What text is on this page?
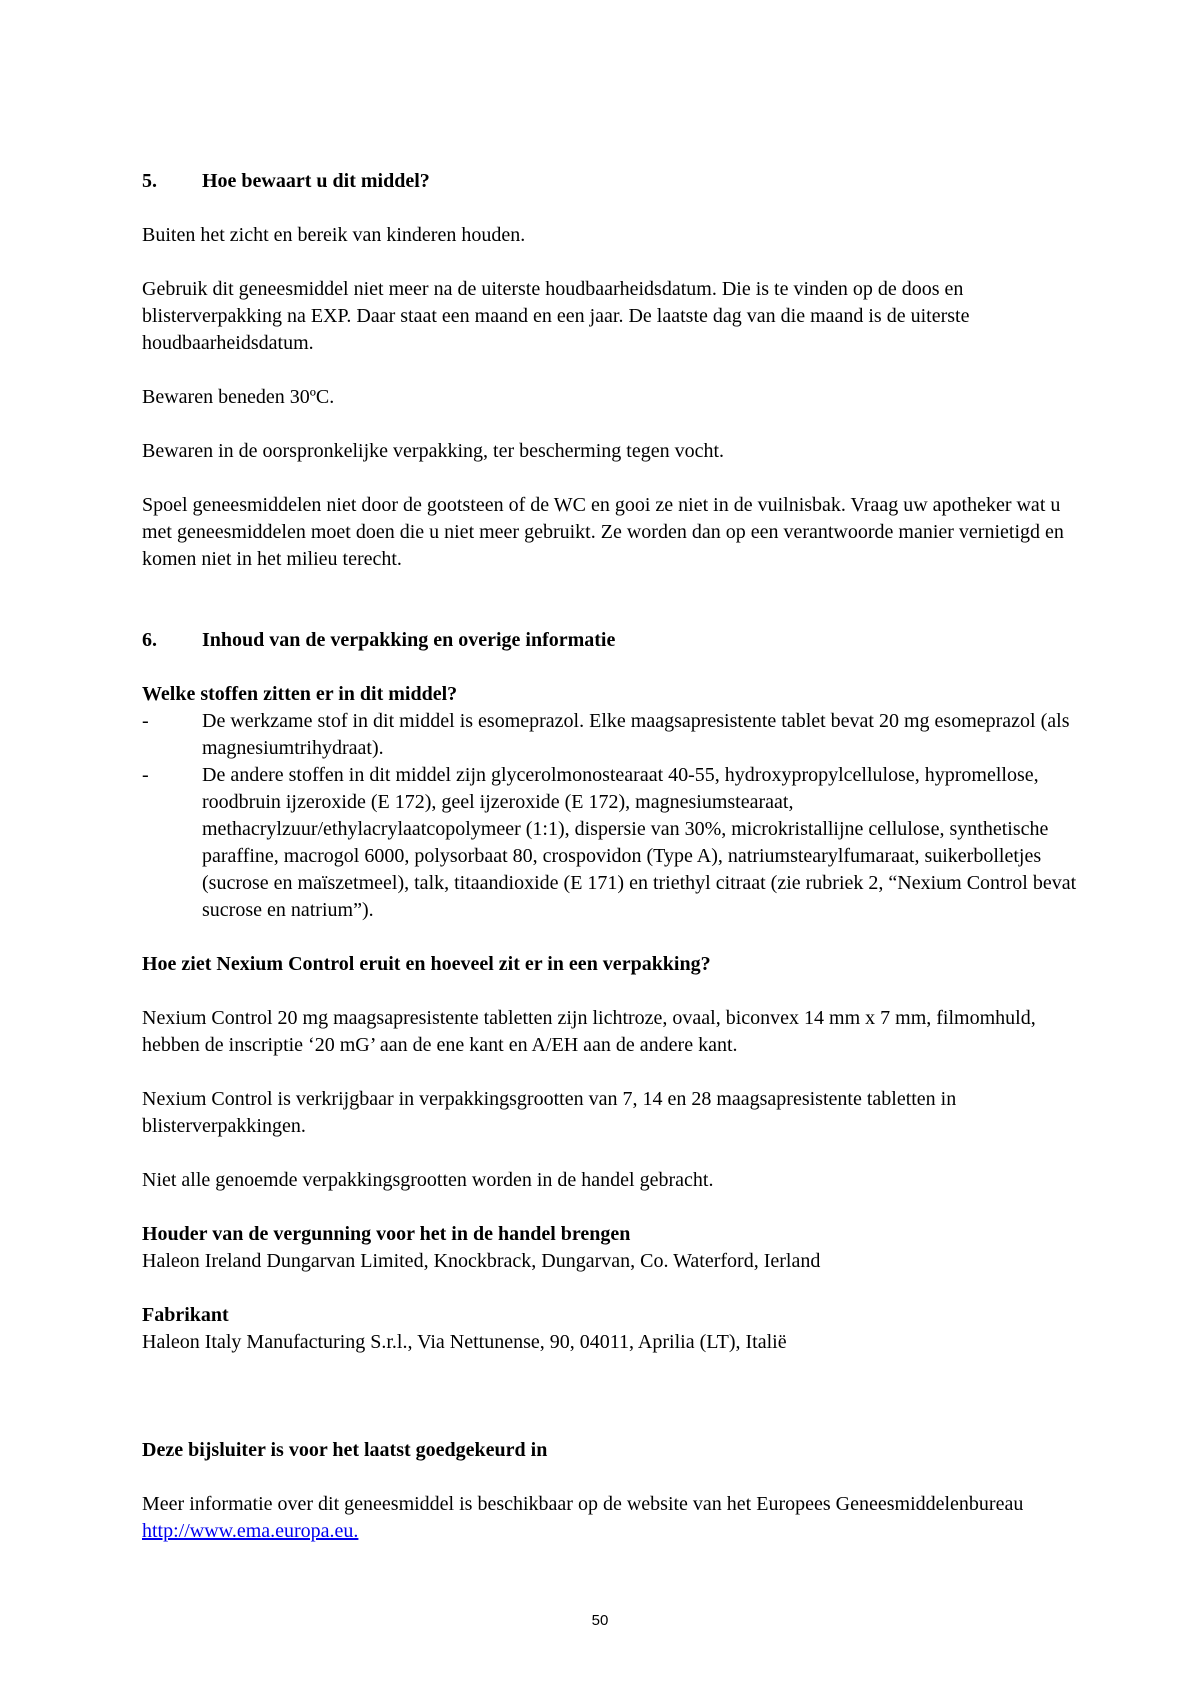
5. Hoe bewaart u dit middel?

Buiten het zicht en bereik van kinderen houden.

Gebruik dit geneesmiddel niet meer na de uiterste houdbaarheidsdatum. Die is te vinden op de doos en blisterverpakking na EXP. Daar staat een maand en een jaar. De laatste dag van die maand is de uiterste houdbaarheidsdatum.

Bewaren beneden 30ºC.

Bewaren in de oorspronkelijke verpakking, ter bescherming tegen vocht.

Spoel geneesmiddelen niet door de gootsteen of de WC en gooi ze niet in de vuilnisbak. Vraag uw apotheker wat u met geneesmiddelen moet doen die u niet meer gebruikt. Ze worden dan op een verantwoorde manier vernietigd en komen niet in het milieu terecht.

6. Inhoud van de verpakking en overige informatie

Welke stoffen zitten er in dit middel?

-	De werkzame stof in dit middel is esomeprazol. Elke maagsapresistente tablet bevat 20 mg esomeprazol (als magnesiumtrihydraat).
-	De andere stoffen in dit middel zijn glycerolmonostearaat 40-55, hydroxypropylcellulose, hypromellose, roodbruin ijzeroxide (E 172), geel ijzeroxide (E 172), magnesiumstearaat, methacrylzuur/ethylacrylaatcopolymeer (1:1), dispersie van 30%, microkristallijne cellulose, synthetische paraffine, macrogol 6000, polysorbaat 80, crospovidon (Type A), natriumstearylfumaraat, suikerbolletjes (sucrose en maïszetmeel), talk, titaandioxide (E 171) en triethyl citraat (zie rubriek 2, “Nexium Control bevat sucrose en natrium”).

Hoe ziet Nexium Control eruit en hoeveel zit er in een verpakking?

Nexium Control 20 mg maagsapresistente tabletten zijn lichtroze, ovaal, biconvex 14 mm x 7 mm, filmomhuld, hebben de inscriptie ‘20 mG’ aan de ene kant en A/EH aan de andere kant.

Nexium Control is verkrijgbaar in verpakkingsgrootten van 7, 14 en 28 maagsapresistente tabletten in blisterverpakkingen.

Niet alle genoemde verpakkingsgrootten worden in de handel gebracht.

Houder van de vergunning voor het in de handel brengen

Haleon Ireland Dungarvan Limited, Knockbrack, Dungarvan, Co. Waterford, Ierland

Fabrikant

Haleon Italy Manufacturing S.r.l., Via Nettunense, 90, 04011, Aprilia (LT), Italië

Deze bijsluiter is voor het laatst goedgekeurd in

Meer informatie over dit geneesmiddel is beschikbaar op de website van het Europees Geneesmiddelenbureau http://www.ema.europa.eu.

50
